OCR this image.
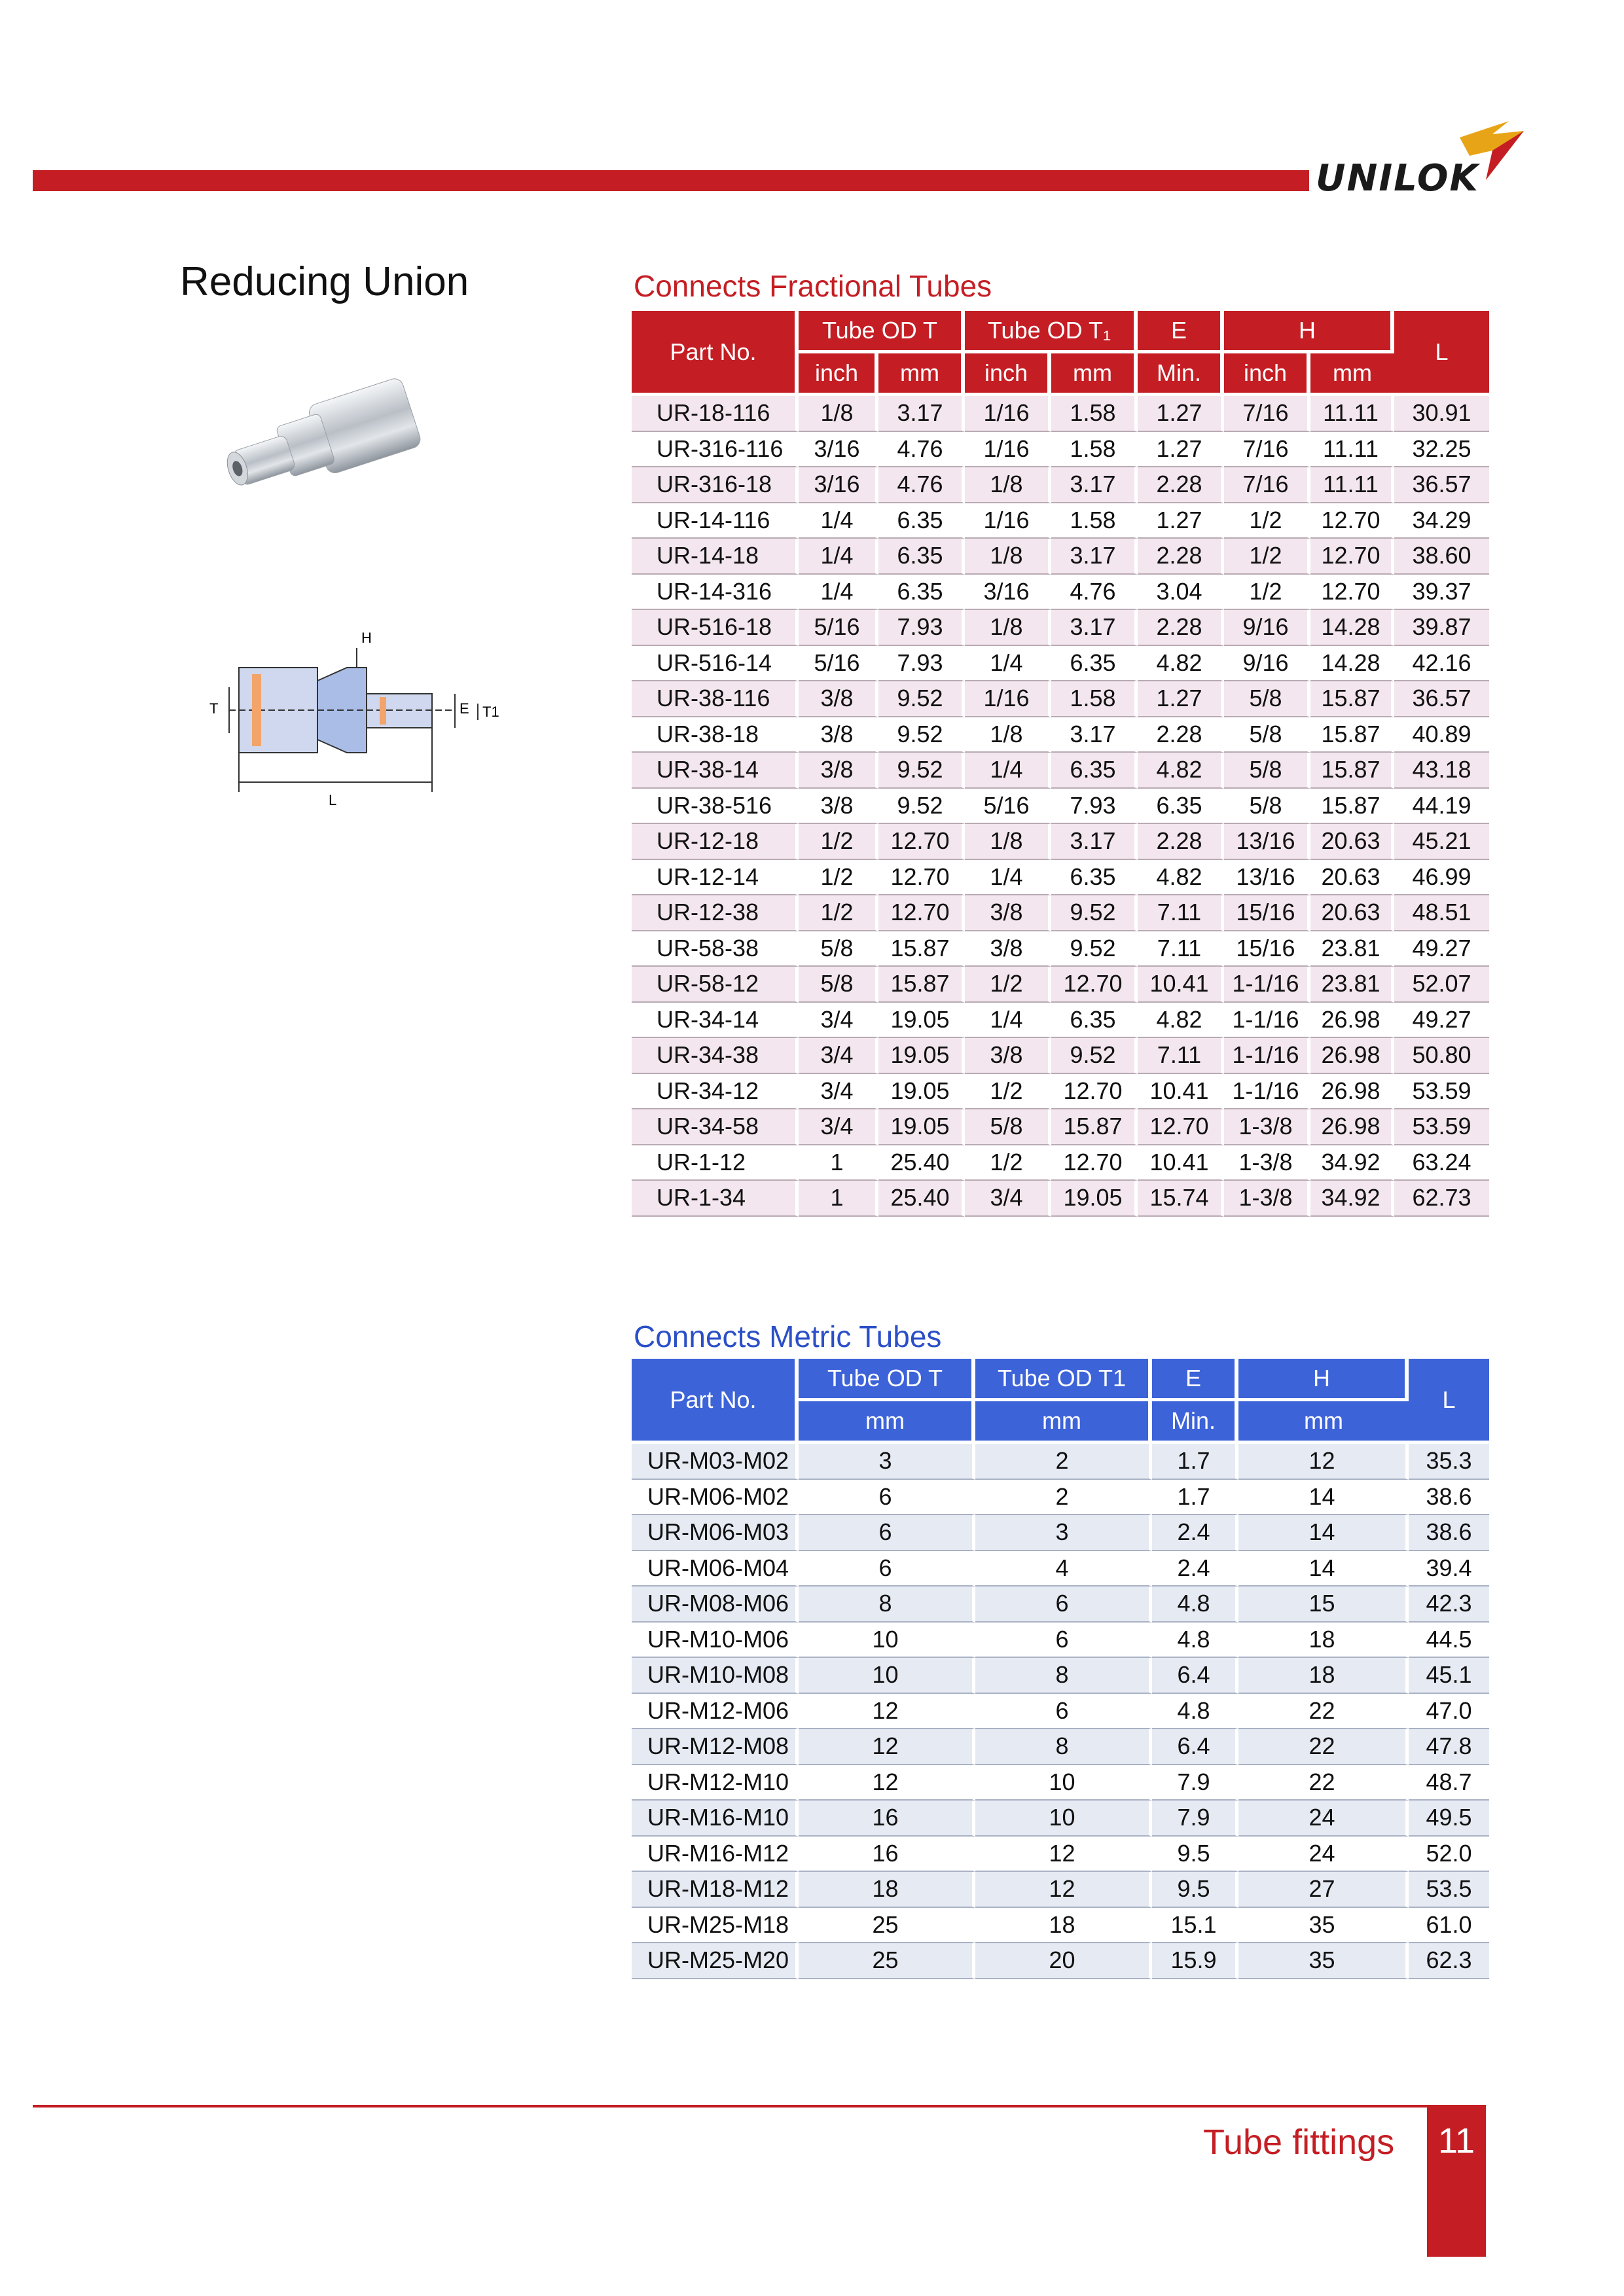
UNILOK
Reducing Union
H
T	E T1
L
Connects Fractional Tubes
Part No.	Tube OD T		Tube OD T₁		E	H		L
	inch	mm	inch	mm	Min.	inch	mm	
UR-18-116	1/8	3.17	1/16	1.58	1.27	7/16	11.11	30.91
UR-316-116	3/16	4.76	1/16	1.58	1.27	7/16	11.11	32.25
UR-316-18	3/16	4.76	1/8	3.17	2.28	7/16	11.11	36.57
UR-14-116	1/4	6.35	1/16	1.58	1.27	1/2	12.70	34.29
UR-14-18	1/4	6.35	1/8	3.17	2.28	1/2	12.70	38.60
UR-14-316	1/4	6.35	3/16	4.76	3.04	1/2	12.70	39.37
UR-516-18	5/16	7.93	1/8	3.17	2.28	9/16	14.28	39.87
UR-516-14	5/16	7.93	1/4	6.35	4.82	9/16	14.28	42.16
UR-38-116	3/8	9.52	1/16	1.58	1.27	5/8	15.87	36.57
UR-38-18	3/8	9.52	1/8	3.17	2.28	5/8	15.87	40.89
UR-38-14	3/8	9.52	1/4	6.35	4.82	5/8	15.87	43.18
UR-38-516	3/8	9.52	5/16	7.93	6.35	5/8	15.87	44.19
UR-12-18	1/2	12.70	1/8	3.17	2.28	13/16	20.63	45.21
UR-12-14	1/2	12.70	1/4	6.35	4.82	13/16	20.63	46.99
UR-12-38	1/2	12.70	3/8	9.52	7.11	15/16	20.63	48.51
UR-58-38	5/8	15.87	3/8	9.52	7.11	15/16	23.81	49.27
UR-58-12	5/8	15.87	1/2	12.70	10.41	1-1/16	23.81	52.07
UR-34-14	3/4	19.05	1/4	6.35	4.82	1-1/16	26.98	49.27
UR-34-38	3/4	19.05	3/8	9.52	7.11	1-1/16	26.98	50.80
UR-34-12	3/4	19.05	1/2	12.70	10.41	1-1/16	26.98	53.59
UR-34-58	3/4	19.05	5/8	15.87	12.70	1-3/8	26.98	53.59
UR-1-12	1	25.40	1/2	12.70	10.41	1-3/8	34.92	63.24
UR-1-34	1	25.40	3/4	19.05	15.74	1-3/8	34.92	62.73
Connects Metric Tubes
Part No.	Tube OD T	Tube OD T1	E	H	L
	mm	mm	Min.	mm	
UR-M03-M02	3	2	1.7	12	35.3
UR-M06-M02	6	2	1.7	14	38.6
UR-M06-M03	6	3	2.4	14	38.6
UR-M06-M04	6	4	2.4	14	39.4
UR-M08-M06	8	6	4.8	15	42.3
UR-M10-M06	10	6	4.8	18	44.5
UR-M10-M08	10	8	6.4	18	45.1
UR-M12-M06	12	6	4.8	22	47.0
UR-M12-M08	12	8	6.4	22	47.8
UR-M12-M10	12	10	7.9	22	48.7
UR-M16-M10	16	10	7.9	24	49.5
UR-M16-M12	16	12	9.5	24	52.0
UR-M18-M12	18	12	9.5	27	53.5
UR-M25-M18	25	18	15.1	35	61.0
UR-M25-M20	25	20	15.9	35	62.3
Tube fittings	11
